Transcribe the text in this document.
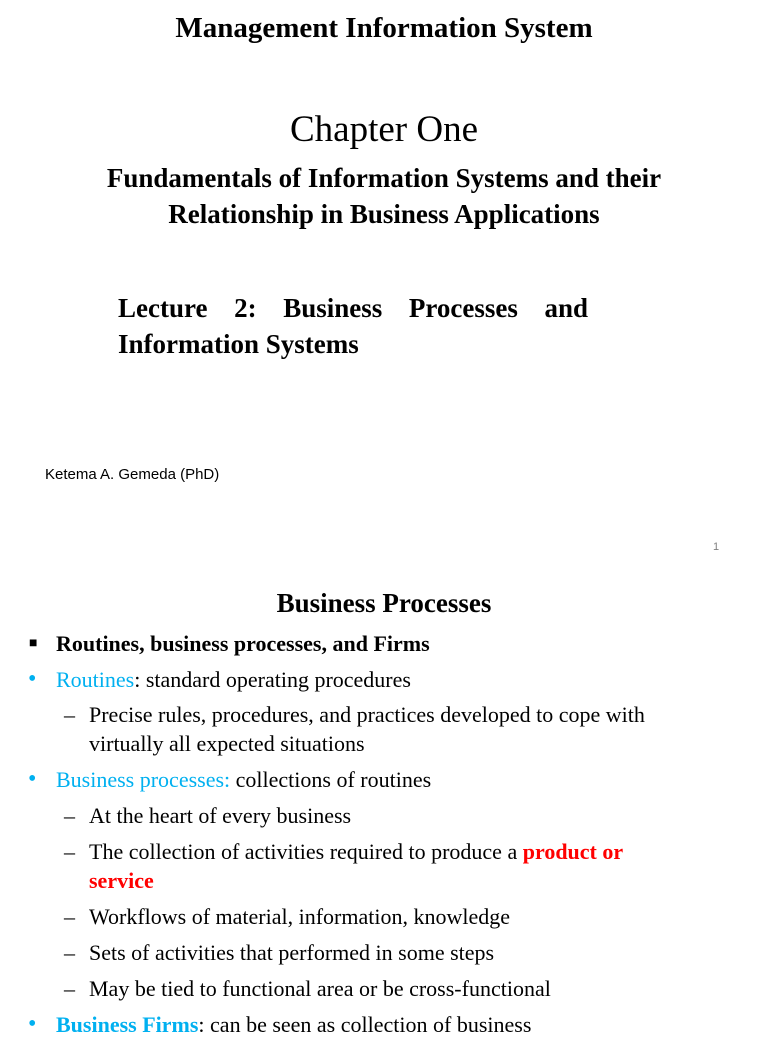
Management Information System
Chapter One
Fundamentals of Information Systems and their
Relationship in Business Applications
Lecture 2: Business Processes and
Information Systems
Ketema A. Gemeda (PhD)
1
Business Processes
■ Routines, business processes, and Firms
• Routines: standard operating procedures
– Precise rules, procedures, and practices developed to cope with
virtually all expected situations
• Business processes: collections of routines
– At the heart of every business
– The collection of activities required to produce a product or
service
– Workflows of material, information, knowledge
– Sets of activities that performed in some steps
– May be tied to functional area or be cross-functional
• Business Firms: can be seen as collection of business
